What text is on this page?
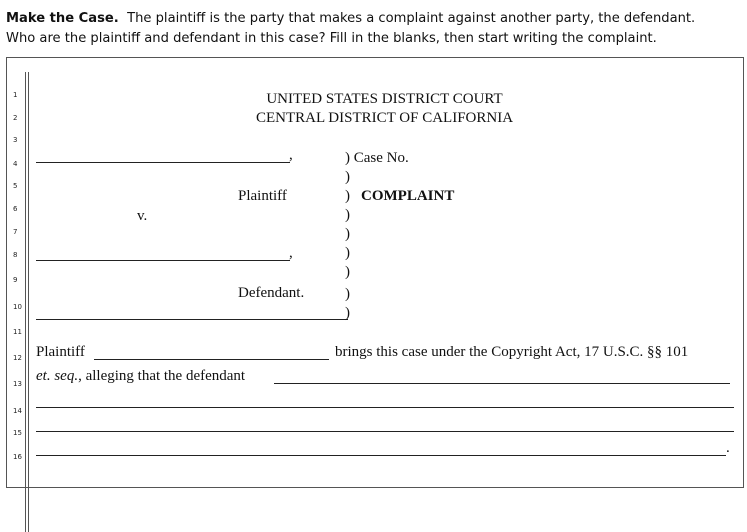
Make the Case. The plaintiff is the party that makes a complaint against another party, the defendant.
Who are the plaintiff and defendant in this case? Fill in the blanks, then start writing the complaint.
1
2
3
4
5
6
7
8
9
10
11
12
13
14
15
16
UNITED STATES DISTRICT COURT
CENTRAL DISTRICT OF CALIFORNIA
,
Plaintiff
v.
,
Defendant.
) Case No.
)
) COMPLAINT
)
)
)
)
)
)
Plaintiff	brings this case under the Copyright Act, 17 U.S.C. §§ 101
et. seq., alleging that the defendant
.
